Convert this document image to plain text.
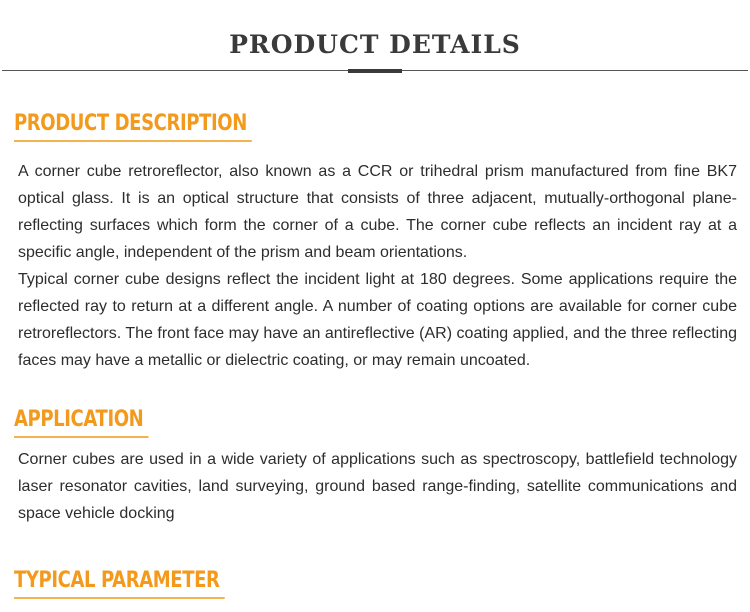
PRODUCT DETAILS
PRODUCT DESCRIPTION

A corner cube retroreflector, also known as a CCR or trihedral prism manufactured from fine BK7 optical glass. It is an optical structure that consists of three adjacent, mutually-orthogonal plane-reflecting surfaces which form the corner of a cube. The corner cube reflects an incident ray at a specific angle, independent of the prism and beam orientations.

Typical corner cube designs reflect the incident light at 180 degrees. Some applications require the reflected ray to return at a different angle. A number of coating options are available for corner cube retroreflectors. The front face may have an antireflective (AR) coating applied, and the three reflecting faces may have a metallic or dielectric coating, or may remain uncoated.

APPLICATION

Corner cubes are used in a wide variety of applications such as spectroscopy, battlefield technology laser resonator cavities, land surveying, ground based range-finding, satellite communications and space vehicle docking

TYPICAL PARAMETER
